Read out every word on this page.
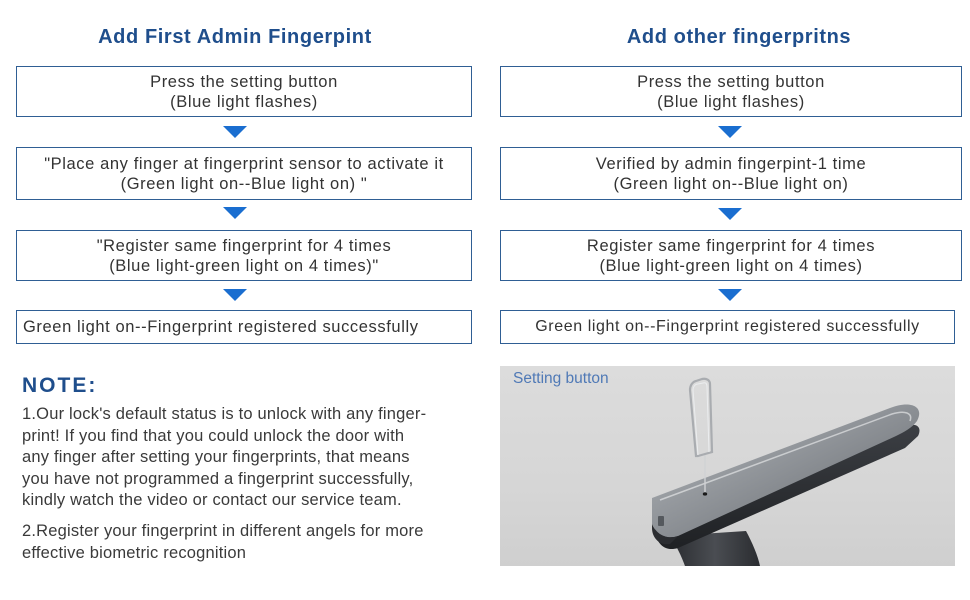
Add First Admin Fingerpint
Press the setting button
(Blue light flashes)
"Place any finger at fingerprint sensor to activate it
(Green light on--Blue light on) "
"Register same fingerprint for 4 times
(Blue light-green light on 4 times)"
Green light on--Fingerprint registered successfully
Add other fingerpritns
Press the setting button
(Blue light flashes)
Verified by admin fingerpint-1 time
(Green light on--Blue light on)
Register same fingerprint for 4 times
(Blue light-green light on 4 times)
Green light on--Fingerprint registered successfully
NOTE:
1.Our lock's default status is to unlock with any finger-
print! If you find that you could unlock the door with
any finger after setting your fingerprints, that means
you have not programmed a fingerprint successfully,
kindly watch the video or contact our service team.
2.Register your fingerprint in different angels for more
effective biometric recognition
Setting button
